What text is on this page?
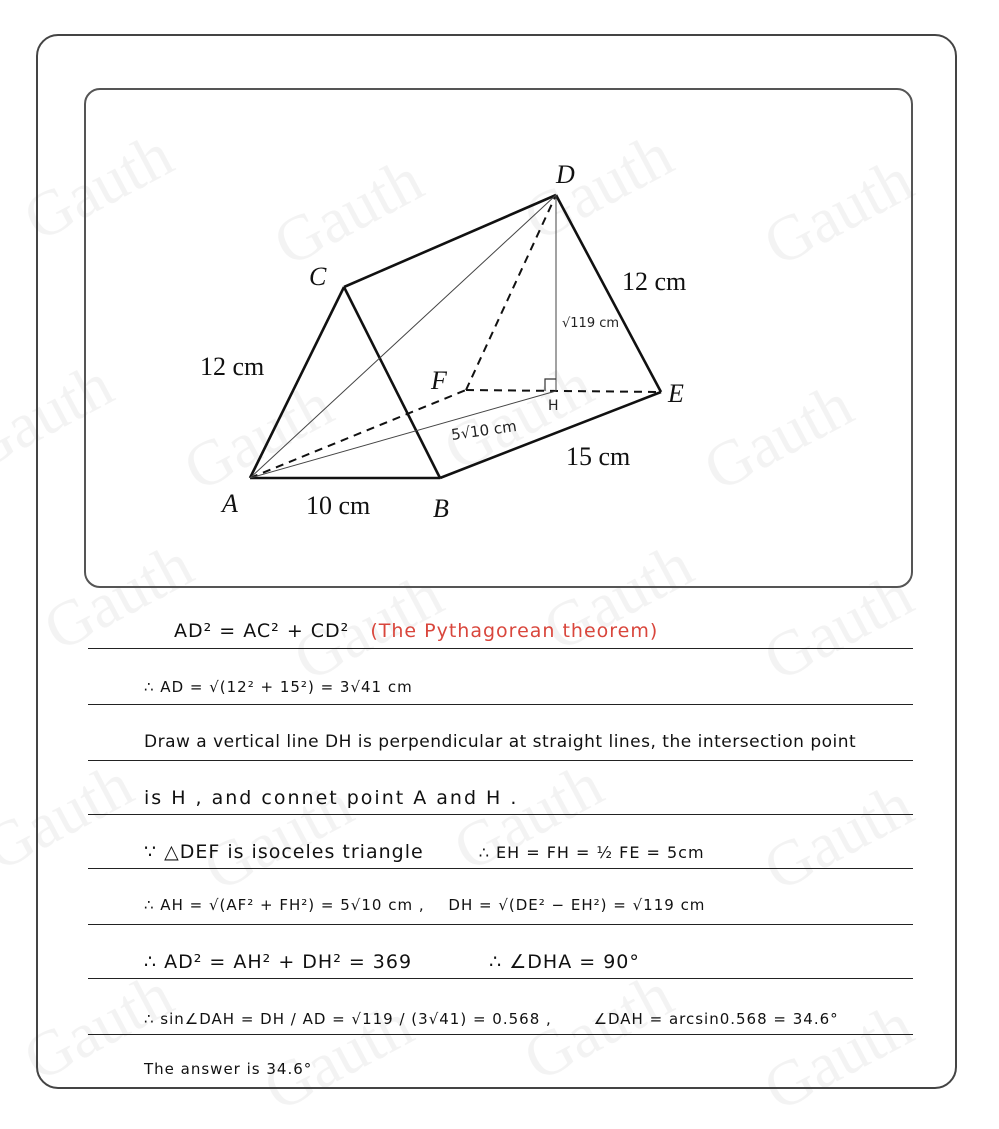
D
C
F	E
A	B
H
12 cm
12 cm
10 cm
15 cm
√119 cm
5√10 cm
AD² = AC² + CD² (The Pythagorean theorem)
∴ AD = √(12² + 15²) = 3√41 cm
Draw a vertical line DH is perpendicular at straight lines, the intersection point
is H , and connet point A and H .
∵ △DEF is isoceles triangle	∴ EH = FH = ½ FE = 5cm
∴ AH = √(AF² + FH²) = 5√10 cm , DH = √(DE² − EH²) = √119 cm
∴ AD² = AH² + DH² = 369	∴ ∠DHA = 90°
∴ sin∠DAH = DH / AD = √119 / (3√41) = 0.568 ,	∠DAH = arcsin0.568 = 34.6°
The answer is 34.6°
